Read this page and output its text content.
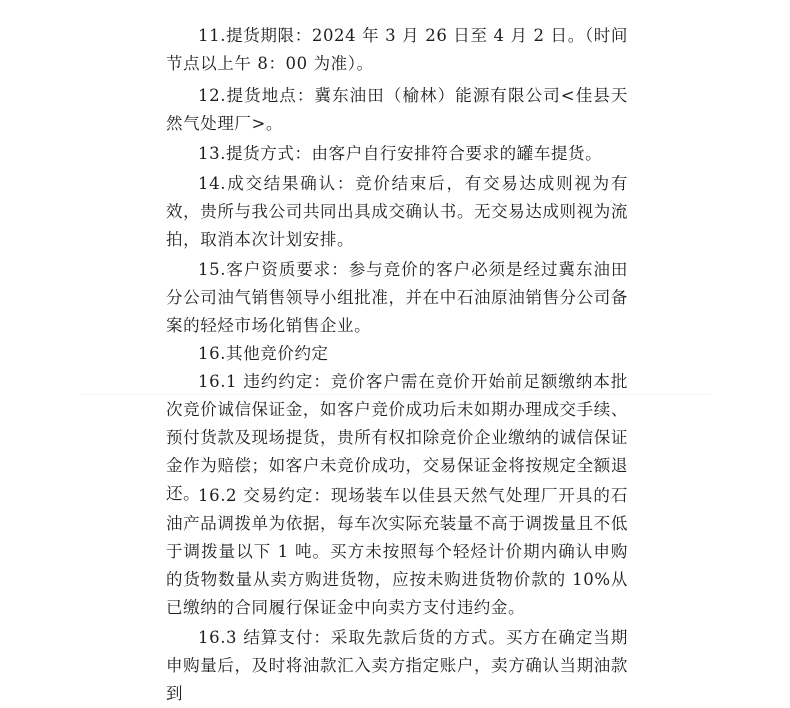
11.提货期限：2024 年 3 月 26 日至 4 月 2 日。（时间节点以上午 8：00 为准）。

12.提货地点：冀东油田（榆林）能源有限公司<佳县天然气处理厂>。

13.提货方式：由客户自行安排符合要求的罐车提货。

14.成交结果确认：竞价结束后，有交易达成则视为有效，贵所与我公司共同出具成交确认书。无交易达成则视为流拍，取消本次计划安排。

15.客户资质要求：参与竞价的客户必须是经过冀东油田分公司油气销售领导小组批准，并在中石油原油销售分公司备案的轻烃市场化销售企业。

16.其他竞价约定

16.1 违约约定：竞价客户需在竞价开始前足额缴纳本批次竞价诚信保证金，如客户竞价成功后未如期办理成交手续、预付货款及现场提货，贵所有权扣除竞价企业缴纳的诚信保证金作为赔偿；如客户未竞价成功，交易保证金将按规定全额退还。

16.2 交易约定：现场装车以佳县天然气处理厂开具的石油产品调拨单为依据，每车次实际充装量不高于调拨量且不低于调拨量以下 1 吨。买方未按照每个轻烃计价期内确认申购的货物数量从卖方购进货物，应按未购进货物价款的 10%从已缴纳的合同履行保证金中向卖方支付违约金。

16.3 结算支付：采取先款后货的方式。买方在确定当期申购量后，及时将油款汇入卖方指定账户，卖方确认当期油款到
